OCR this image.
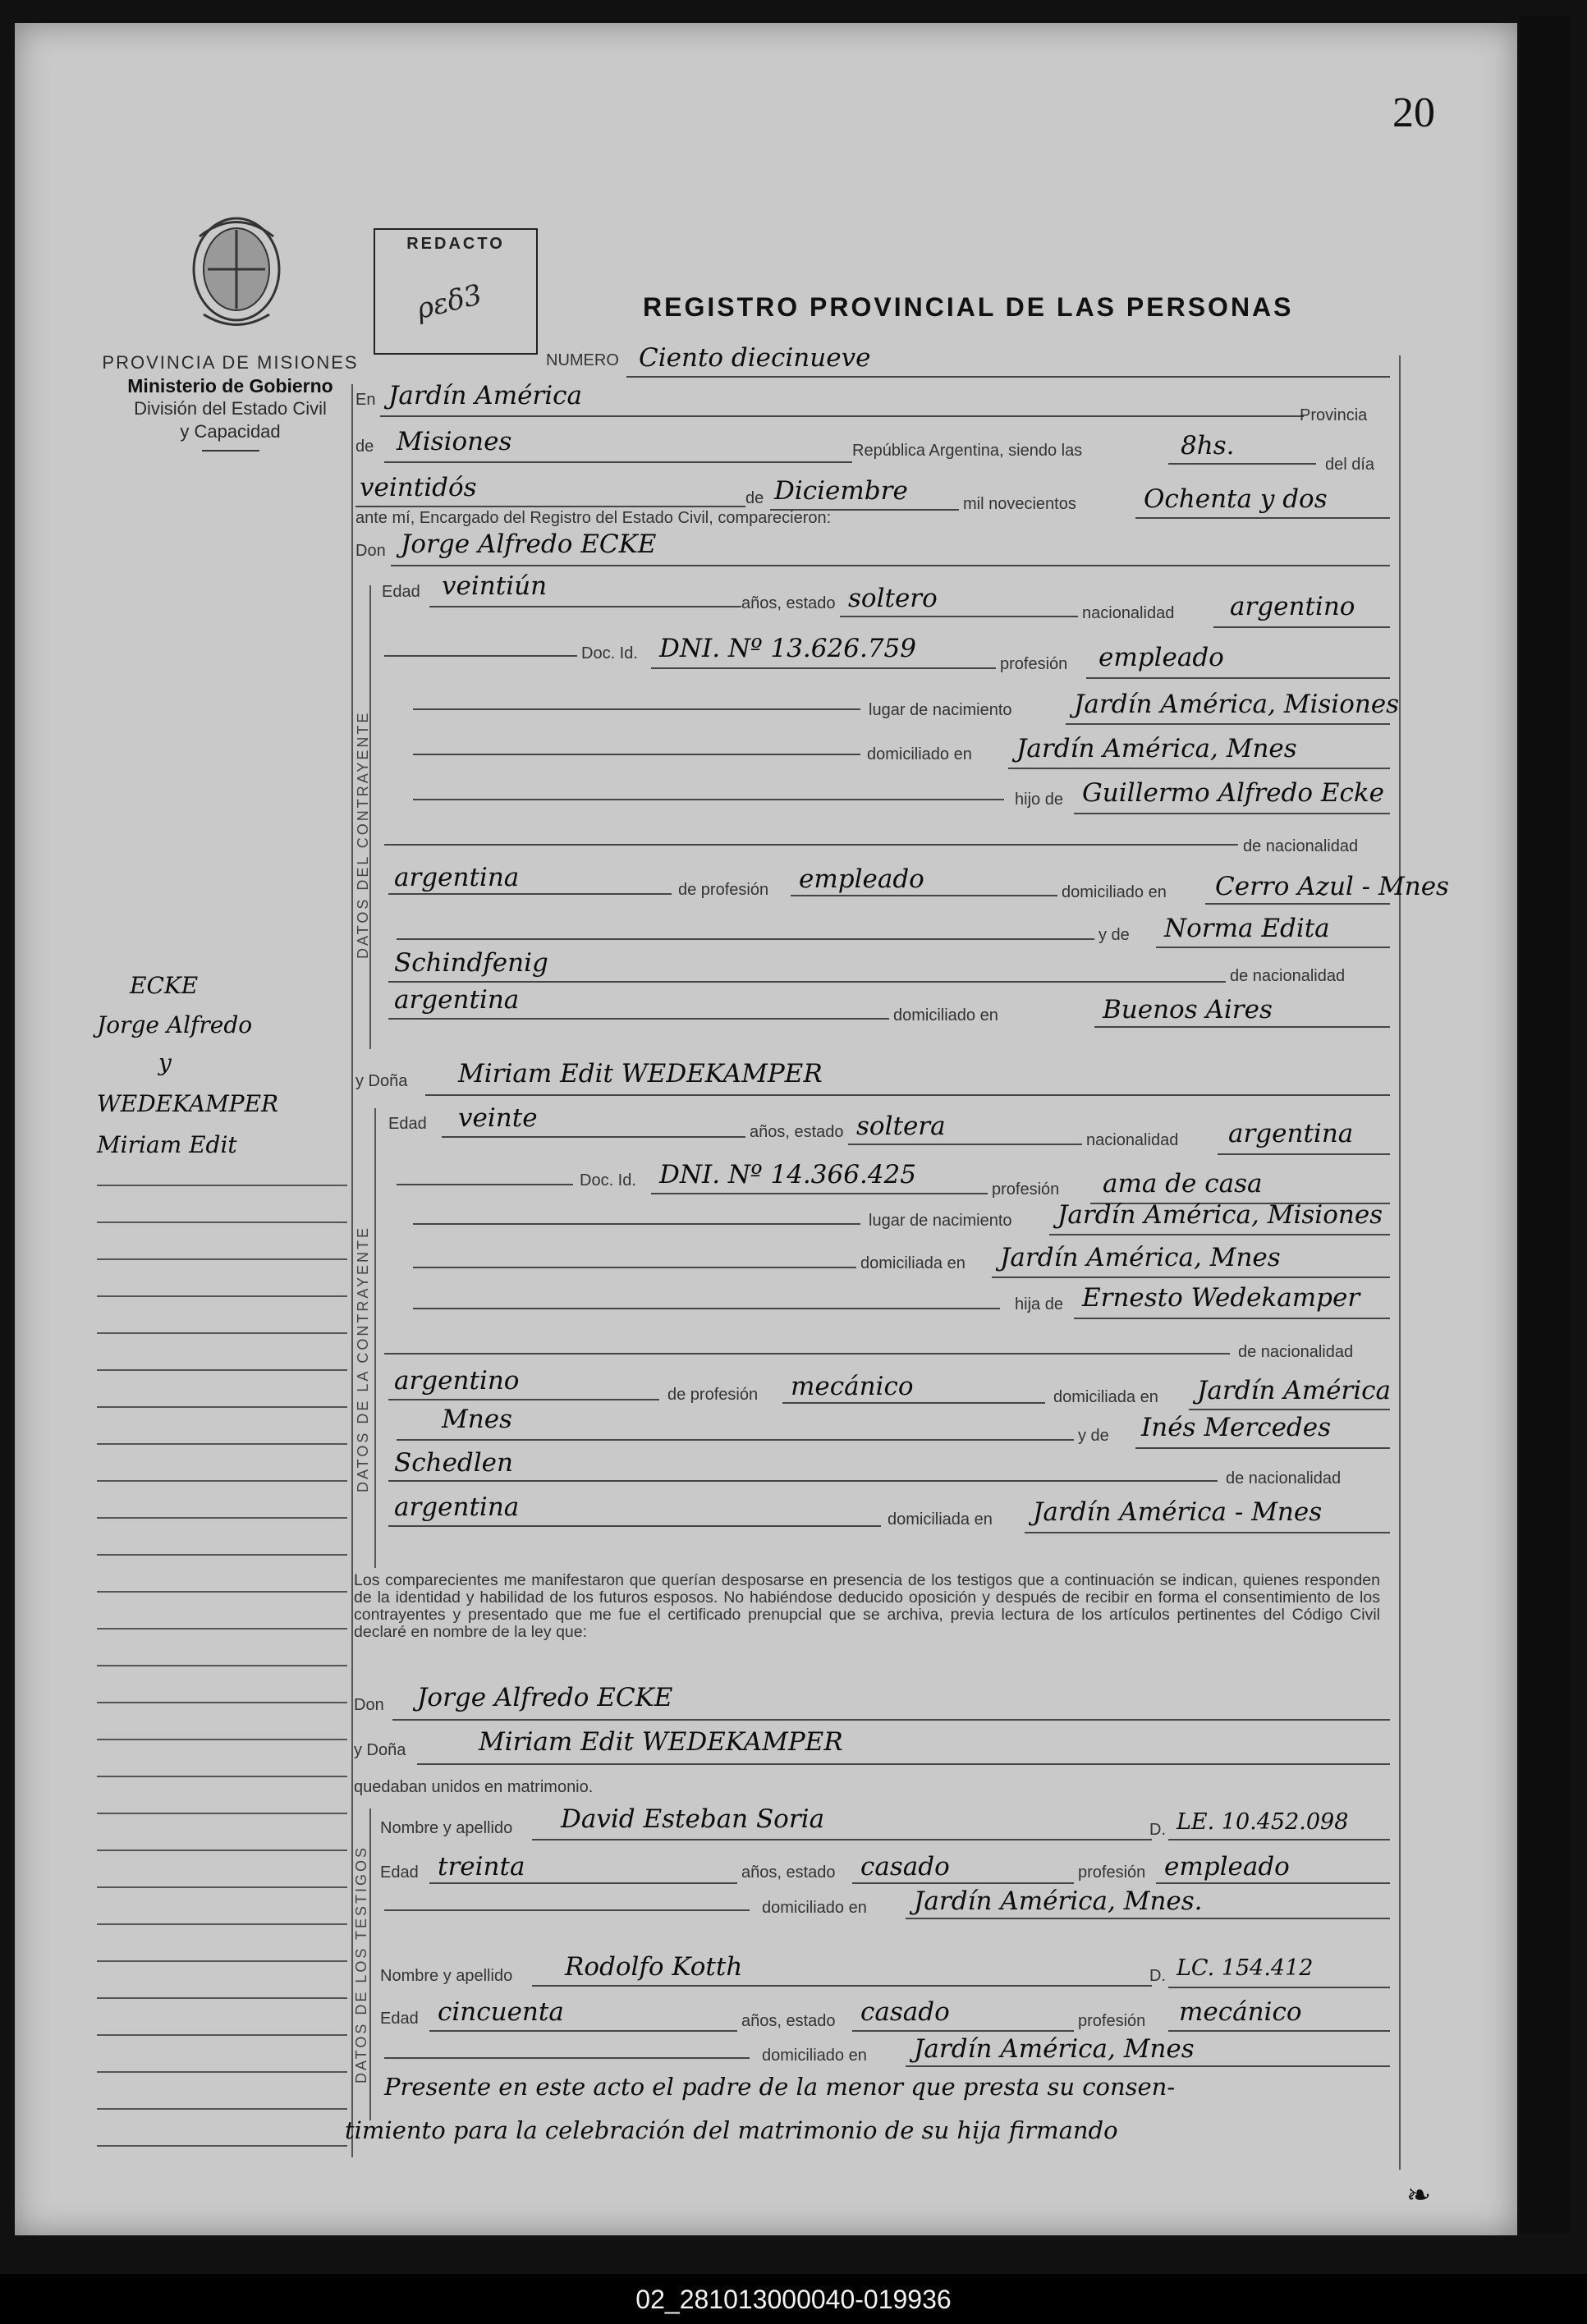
20
PROVINCIA DE MISIONES
Ministerio de Gobierno
División del Estado Civil
y Capacidad
REDACTO
ρεδ3	REGISTRO PROVINCIAL DE LAS PERSONAS
NUMERO Ciento diecinueve
En Jardín América
Provincia
de Misiones	República Argentina, siendo las	8hs.
del día
veintidós	de Diciembre	mil novecientos	Ochenta y dos
ante mí, Encargado del Registro del Estado Civil, comparecieron:
Don Jorge Alfredo ECKE
DATOS DEL CONTRAYENTE
Edad veintiún
años, estado soltero	nacionalidad argentino
Doc. Id. DNI. Nº 13.626.759
profesión empleado
lugar de nacimiento Jardín América, Misiones
domiciliado en Jardín América, Mnes
hijo de Guillermo Alfredo Ecke
de nacionalidad
argentina	de profesión empleado	domiciliado en Cerro Azul - Mnes
y de Norma Edita
Schindfenig	de nacionalidad
argentina
domiciliado en	Buenos Aires
y Doña Miriam Edit WEDEKAMPER
DATOS DE LA CONTRAYENTE
Edad veinte	años, estado soltera	nacionalidad argentina
Doc. Id. DNI. Nº 14.366.425	profesión ama de casa
lugar de nacimiento Jardín América, Misiones
domiciliada en Jardín América, Mnes
hija de Ernesto Wedekamper
de nacionalidad
argentino	de profesión mecánico	domiciliada en Jardín América
Mnes
y de Inés Mercedes
Schedlen
de nacionalidad
argentina	domiciliada en Jardín América - Mnes
Los comparecientes me manifestaron que querían desposarse en presencia de los testigos que a continuación se indican, quienes responden de la identidad y habilidad de los futuros esposos. No habiéndose deducido oposición y después de recibir en forma el consentimiento de los contrayentes y presentado que me fue el certificado prenupcial que se archiva, previa lectura de los artículos pertinentes del Código Civil declaré en nombre de la ley que:
Don Jorge Alfredo ECKE
y Doña	Miriam Edit WEDEKAMPER
quedaban unidos en matrimonio.
DATOS DE LOS TESTIGOS
Nombre y apellido David Esteban Soria	D. LE. 10.452.098
Edad treinta	años, estado casado	profesión empleado
domiciliado en Jardín América, Mnes.
Nombre y apellido Rodolfo Kotth	D. LC. 154.412
Edad cincuenta	años, estado casado	profesión mecánico
domiciliado en Jardín América, Mnes
Presente en este acto el padre de la menor que presta su consen-
timiento para la celebración del matrimonio de su hija firmando
ECKE
Jorge Alfredo
y
WEDEKAMPER
Miriam Edit
❧
02_281013000040-019936
